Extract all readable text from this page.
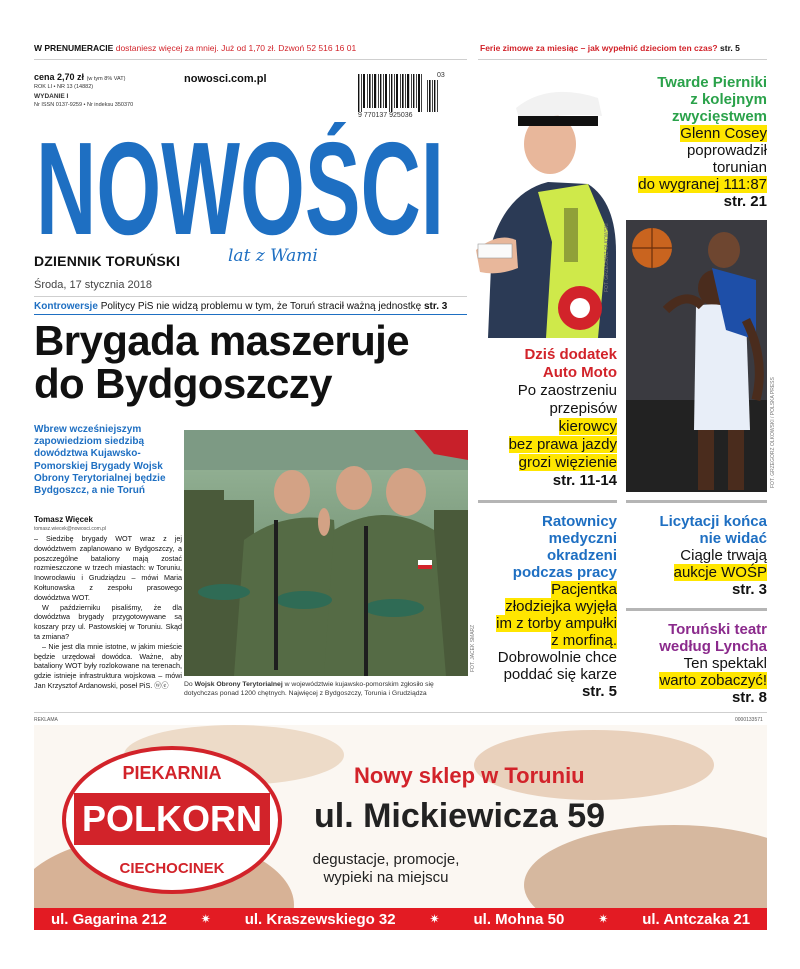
W PRENUMERACIE dostaniesz więcej za mniej. Już od 1,70 zł. Dzwoń 52 516 16 01	Ferie zimowe za miesiąc – jak wypełnić dzieciom ten czas? str. 5
cena 2,70 zł (w tym 8% VAT)
ROK LI • NR 13 (14882)
WYDANIE I
Nr ISSN 0137-9259 • Nr indeksu 350370
nowosci.com.pl
9 770137 925036
03
NOWOŚCI
lat z Wami
DZIENNIK TORUŃSKI
Środa, 17 stycznia 2018	FOT. GRZEGORZ OLKOWSKI
Kontrowersje Politycy PiS nie widzą problemu w tym, że Toruń stracił ważną jednostkę str. 3
Brygada maszeruje
do Bydgoszczy
Wbrew wcześniejszym zapowiedziom siedzibą dowództwa Kujawsko-Pomorskiej Brygady Wojsk Obrony Terytorialnej będzie Bydgoszcz, a nie Toruń
Tomasz Więcek
tomasz.wiecek@nowosci.com.pl

– Siedzibę brygady WOT wraz z jej dowództwem zaplanowano w Bydgoszczy, a poszczególne bataliony mają zostać rozmieszczone w trzech miastach: w Toruniu, Inowrocławiu i Grudziądzu – mówi Maria Kołtunowska z zespołu prasowego dowództwa WOT.

W październiku pisaliśmy, że dla dowództwa brygady przygotowywane są koszary przy ul. Pastowskiej w Toruniu. Skąd ta zmiana?

– Nie jest dla mnie istotne, w jakim mieście będzie urzędował dowódca. Ważne, aby bataliony WOT były rozlokowane na terenach, gdzie istnieje infrastruktura wojskowa – mówi Jan Krzysztof Ardanowski, poseł PiS. ⓦⓔ

FOT. JACEK SMARZ
Do Wojsk Obrony Terytorialnej w województwie kujawsko-pomorskim zgłosiło się dotychczas ponad 1200 chętnych. Najwięcej z Bydgoszczy, Torunia i Grudziądza
Dziś dodatek
Auto Moto
Po zaostrzeniu
przepisów
kierowcy
bez prawa jazdy
grozi więzienie
str. 11-14
Ratownicy
medyczni
okradzeni
podczas pracy
Pacjentka
złodziejka wyjęła
im z torby ampułki
z morfiną.
Dobrowolnie chce
poddać się karze
str. 5
Twarde Pierniki
z kolejnym
zwycięstwem
Glenn Cosey
poprowadził
torunian
do wygranej 111:87
str. 21
FOT. GRZEGORZ OLKOWSKI / POLSKA PRESS
Licytacji końca
nie widać
Ciągle trwają
aukcje WOŚP
str. 3
Toruński teatr
według Lyncha
Ten spektakl
warto zobaczyć!
str. 8
REKLAMA	0000133571
PIEKARNIA
POLKORN
CIECHOCINEK
Nowy sklep w Toruniu
ul. Mickiewicza 59
degustacje, promocje,
wypieki na miejscu
ul. Gagarina 212	✷ ul. Kraszewskiego 32	✷ ul. Mohna 50	✷ ul. Antczaka 21
